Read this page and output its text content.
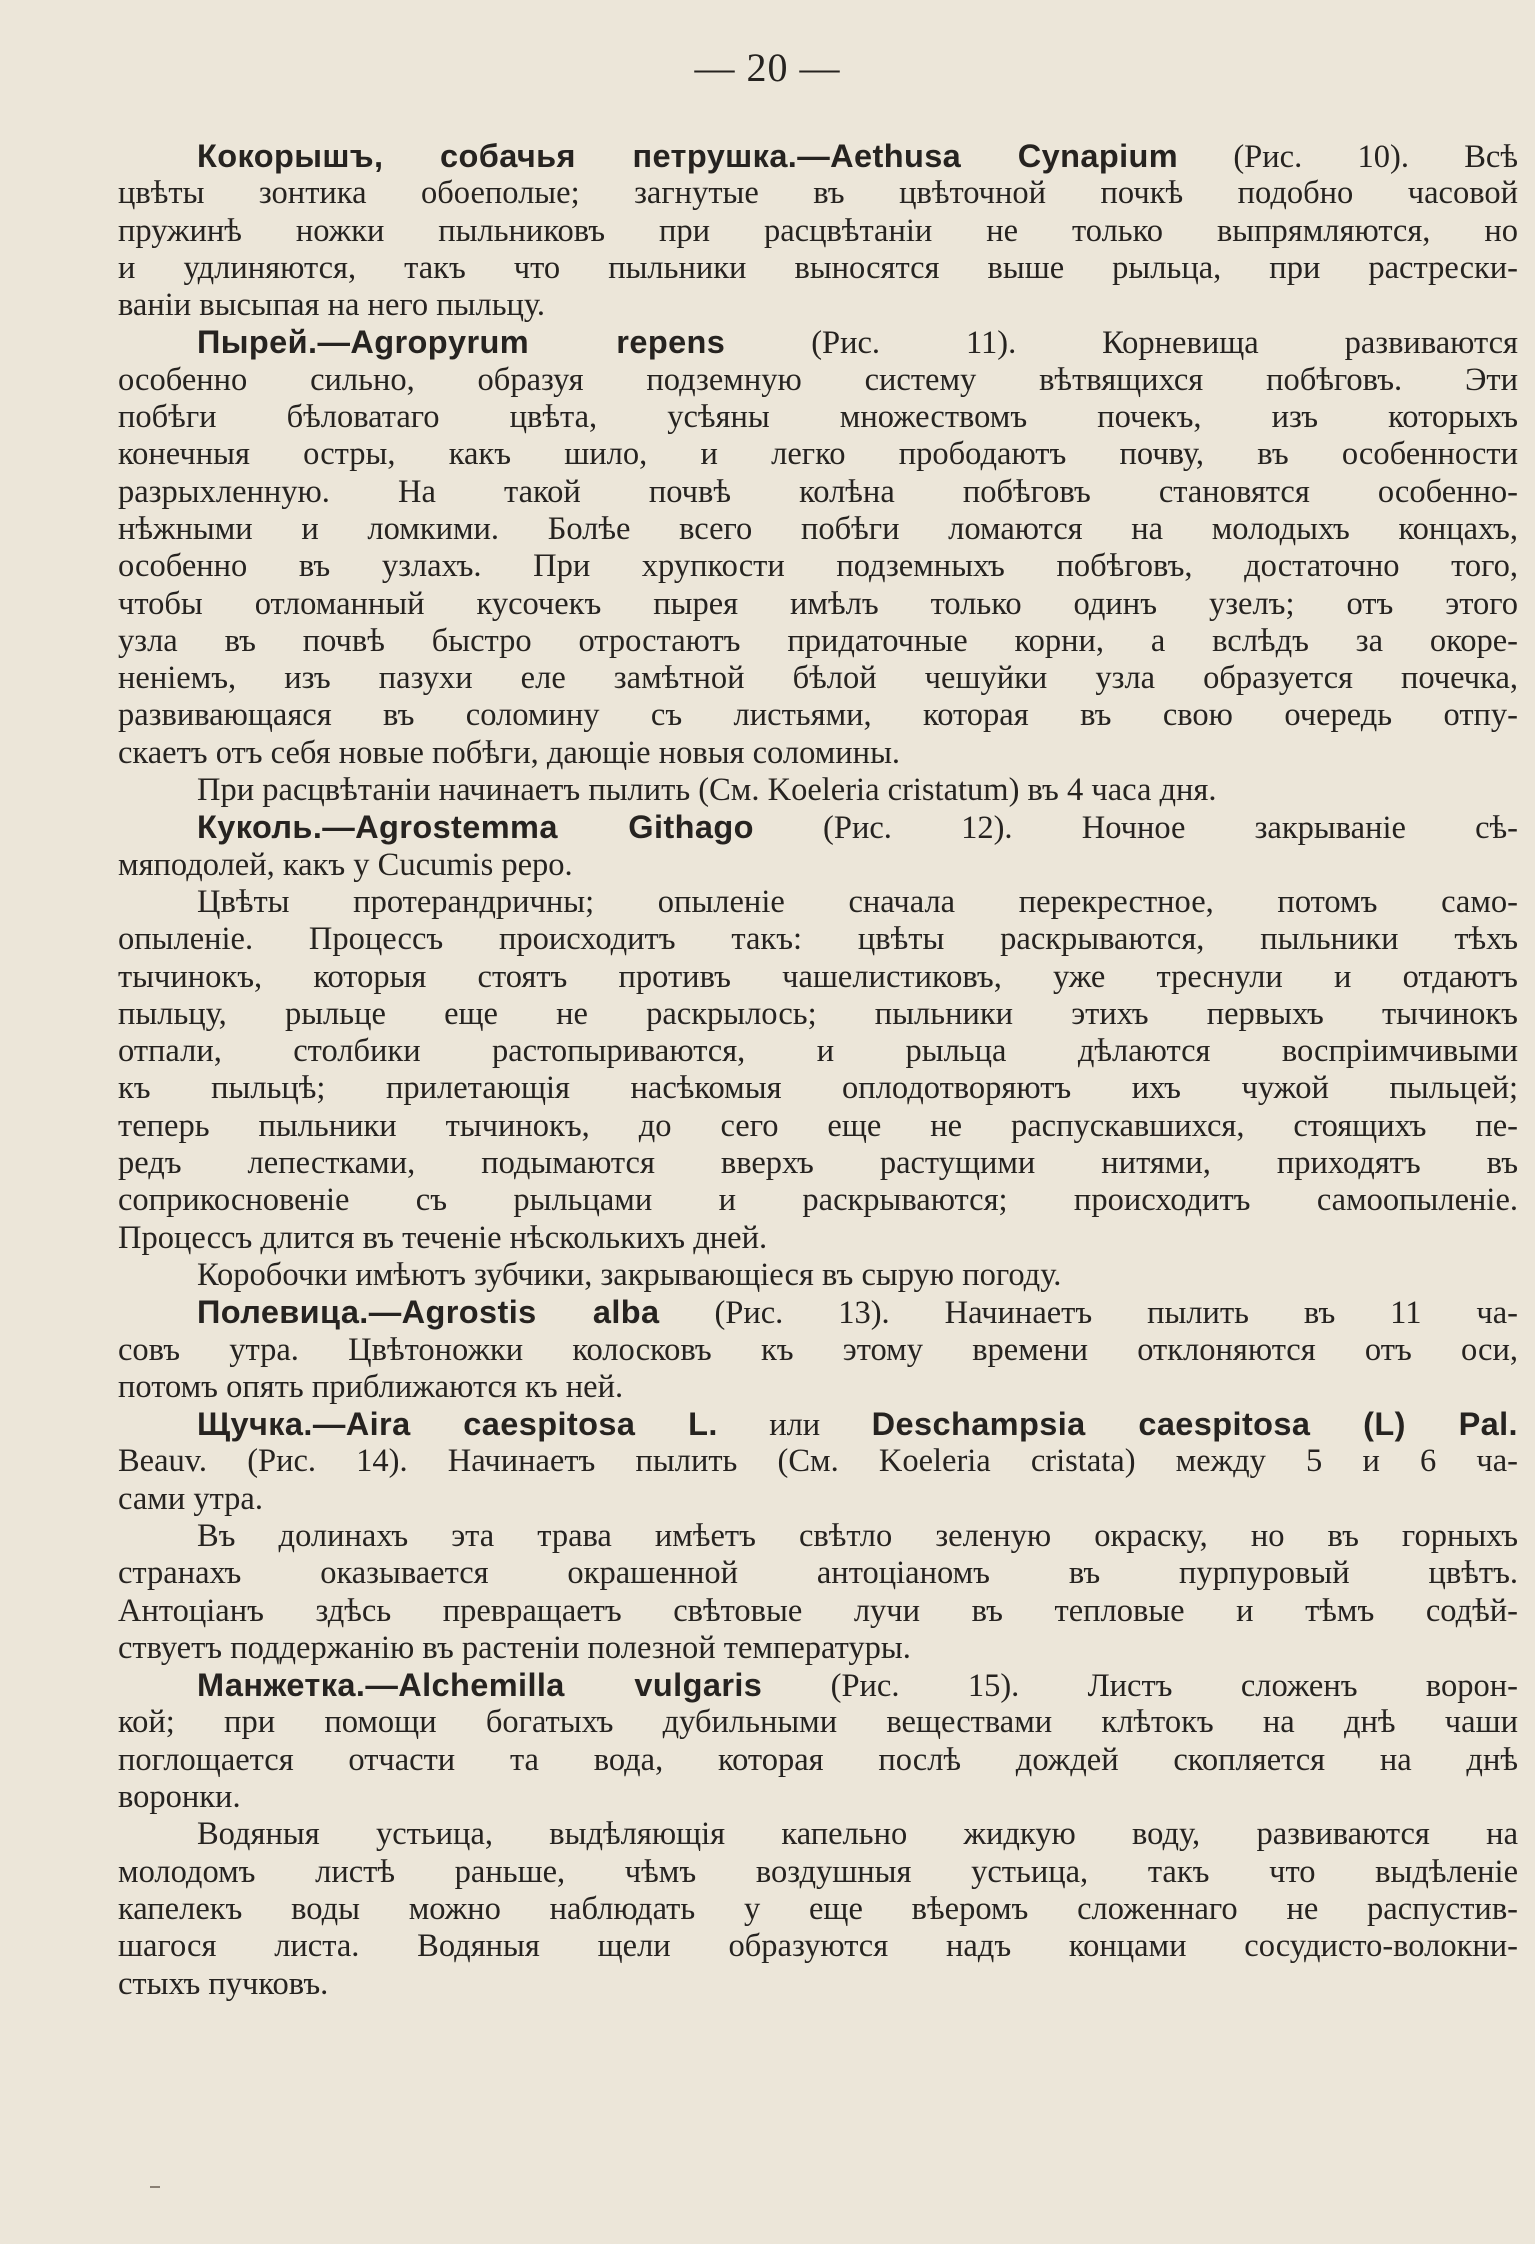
— 20 —
Кокорышъ, собачья петрушка.—Aethusa Cynapium (Рис. 10). Всѣ
цвѣты зонтика обоеполые; загнутые въ цвѣточной почкѣ подобно часовой
пружинѣ ножки пыльниковъ при расцвѣтаніи не только выпрямляются, но
и удлиняются, такъ что пыльники выносятся выше рыльца, при растрески-
ваніи высыпая на него пыльцу.
Пырей.—Agropyrum repens (Рис. 11). Корневища развиваются
особенно сильно, образуя подземную систему вѣтвящихся побѣговъ. Эти
побѣги бѣловатаго цвѣта, усѣяны множествомъ почекъ, изъ которыхъ
конечныя остры, какъ шило, и легко прободаютъ почву, въ особенности
разрыхленную. На такой почвѣ колѣна побѣговъ становятся особенно-
нѣжными и ломкими. Болѣе всего побѣги ломаются на молодыхъ концахъ,
особенно въ узлахъ. При хрупкости подземныхъ побѣговъ, достаточно того,
чтобы отломанный кусочекъ пырея имѣлъ только одинъ узелъ; отъ этого
узла въ почвѣ быстро отростаютъ придаточные корни, а вслѣдъ за окоре-
неніемъ, изъ пазухи еле замѣтной бѣлой чешуйки узла образуется почечка,
развивающаяся въ соломину съ листьями, которая въ свою очередь отпу-
скаетъ отъ себя новые побѣги, дающіе новыя соломины.
При расцвѣтаніи начинаетъ пылить (См. Koeleria cristatum) въ 4 часа дня.
Куколь.—Agrostemma Githago (Рис. 12). Ночное закрываніе сѣ-
мяподолей, какъ у Cucumis pepo.
Цвѣты протерандричны; опыленіе сначала перекрестное, потомъ само-
опыленіе. Процессъ происходитъ такъ: цвѣты раскрываются, пыльники тѣхъ
тычинокъ, которыя стоятъ противъ чашелистиковъ, уже треснули и отдаютъ
пыльцу, рыльце еще не раскрылось; пыльники этихъ первыхъ тычинокъ
отпали, столбики растопыриваются, и рыльца дѣлаются воспріимчивыми
къ пыльцѣ; прилетающія насѣкомыя оплодотворяютъ ихъ чужой пыльцей;
теперь пыльники тычинокъ, до сего еще не распускавшихся, стоящихъ пе-
редъ лепестками, подымаются вверхъ растущими нитями, приходятъ въ
соприкосновеніе съ рыльцами и раскрываются; происходитъ самоопыленіе.
Процессъ длится въ теченіе нѣсколькихъ дней.
Коробочки имѣютъ зубчики, закрывающіеся въ сырую погоду.
Полевица.—Agrostis alba (Рис. 13). Начинаетъ пылить въ 11 ча-
совъ утра. Цвѣтоножки колосковъ къ этому времени отклоняются отъ оси,
потомъ опять приближаются къ ней.
Щучка.—Aira caespitosa L. или Deschampsia caespitosa (L) Pal.
Beauv. (Рис. 14). Начинаетъ пылить (См. Koeleria cristata) между 5 и 6 ча-
сами утра.
Въ долинахъ эта трава имѣетъ свѣтло зеленую окраску, но въ горныхъ
странахъ оказывается окрашенной антоціаномъ въ пурпуровый цвѣтъ.
Антоціанъ здѣсь превращаетъ свѣтовые лучи въ тепловые и тѣмъ содѣй-
ствуетъ поддержанію въ растеніи полезной температуры.
Манжетка.—Alchemilla vulgaris (Рис. 15). Листъ сложенъ ворон-
кой; при помощи богатыхъ дубильными веществами клѣтокъ на днѣ чаши
поглощается отчасти та вода, которая послѣ дождей скопляется на днѣ
воронки.
Водяныя устьица, выдѣляющія капельно жидкую воду, развиваются на
молодомъ листѣ раньше, чѣмъ воздушныя устьица, такъ что выдѣленіе
капелекъ воды можно наблюдать у еще вѣеромъ сложеннаго не распустив-
шагося листа. Водяныя щели образуются надъ концами сосудисто-волокни-
стыхъ пучковъ.
